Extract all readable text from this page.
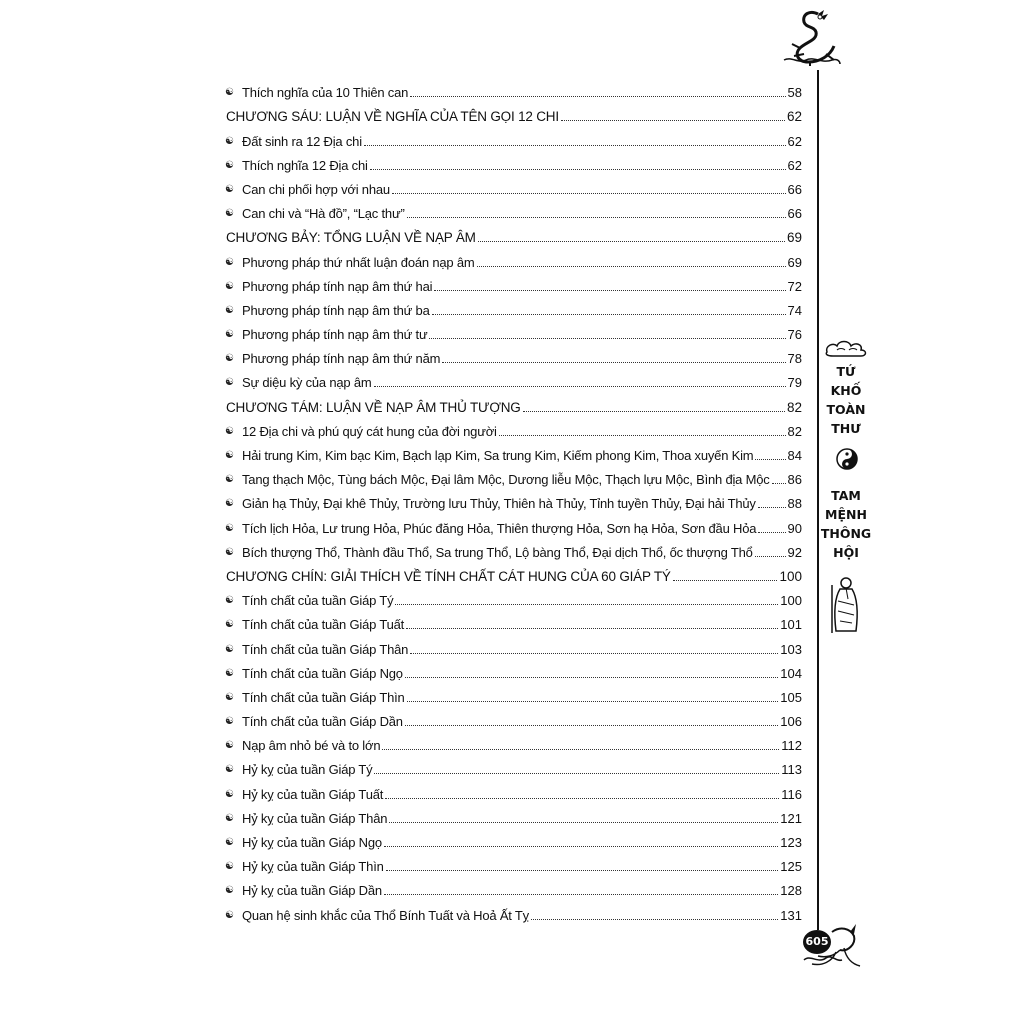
☯ Thích nghĩa của 10 Thiên can	58
CHƯƠNG SÁU: LUẬN VỀ NGHĨA CỦA TÊN GỌI 12 CHI	62
☯ Đất sinh ra 12 Địa chi	62
☯ Thích nghĩa 12 Địa chi	62
☯ Can chi phối hợp với nhau	66
☯ Can chi và “Hà đồ”, “Lạc thư”	66
CHƯƠNG BẢY: TỔNG LUẬN VỀ NẠP ÂM	69
☯ Phương pháp thứ nhất luận đoán nạp âm	69
☯ Phương pháp tính nạp âm thứ hai	72
☯ Phương pháp tính nạp âm thứ ba	74
☯ Phương pháp tính nạp âm thứ tư	76
☯ Phương pháp tính nạp âm thứ năm	78
☯ Sự diệu kỳ của nạp âm	79
CHƯƠNG TÁM: LUẬN VỀ NẠP ÂM THỦ TƯỢNG	82
☯ 12 Địa chi và phú quý cát hung của đời người	82
☯ Hải trung Kim, Kim bạc Kim, Bạch lạp Kim, Sa trung Kim, Kiếm phong Kim, Thoa xuyến Kim	84
☯ Tang thạch Mộc, Tùng bách Mộc, Đại lâm Mộc, Dương liễu Mộc, Thạch lựu Mộc, Bình địa Mộc 86
☯ Giản hạ Thủy, Đại khê Thủy, Trường lưu Thủy, Thiên hà Thủy, Tỉnh tuyền Thủy, Đại hải Thủy 88
☯ Tích lịch Hỏa, Lư trung Hỏa, Phúc đăng Hỏa, Thiên thượng Hỏa, Sơn hạ Hỏa, Sơn đầu Hỏa 90
☯ Bích thượng Thổ, Thành đầu Thổ, Sa trung Thổ, Lộ bàng Thổ, Đại dịch Thổ, ốc thượng Thổ	92
CHƯƠNG CHÍN: GIẢI THÍCH VỀ TÍNH CHẤT CÁT HUNG CỦA 60 GIÁP TÝ	100
☯ Tính chất của tuần Giáp Tý	100
☯ Tính chất của tuần Giáp Tuất	101
☯ Tính chất của tuần Giáp Thân	103
☯ Tính chất của tuần Giáp Ngọ	104
☯ Tính chất của tuần Giáp Thìn	105
☯ Tính chất của tuần Giáp Dần	106
☯ Nạp âm nhỏ bé và to lớn	112
☯ Hỷ kỵ của tuần Giáp Tý	113
☯ Hỷ kỵ của tuần Giáp Tuất	116
☯ Hỷ kỵ của tuần Giáp Thân	121
☯ Hỷ kỵ của tuần Giáp Ngọ	123
☯ Hỷ kỵ của tuần Giáp Thìn	125
☯ Hỷ kỵ của tuần Giáp Dần	128
☯ Quan hệ sinh khắc của Thổ Bính Tuất và Hoả Ất Tỵ	131
TỨ
KHỐ
TOÀN
THƯ
TAM
MỆNH
THÔNG
HỘI
605
